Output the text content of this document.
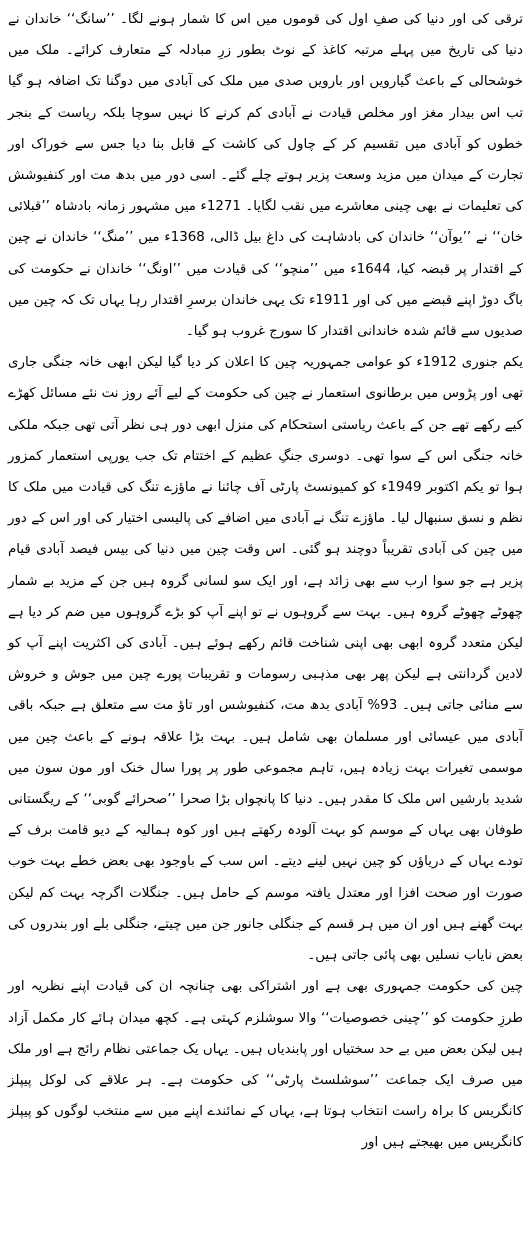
ترقی کی اور دنیا کی صفِ اول کی قوموں میں اس کا شمار ہونے لگا۔ ’’سانگ‘‘ خاندان نے دنیا کی تاریخ میں پہلے مرتبہ کاغذ کے نوٹ بطور زرِ مبادلہ کے متعارف کرائے۔ ملک میں خوشحالی کے باعث گیارویں اور بارویں صدی میں ملک کی آبادی میں دوگنا تک اضافہ ہو گیا تب اس بیدار مغز اور مخلص قیادت نے آبادی کم کرنے کا نہیں سوچا بلکہ ریاست کے بنجر خطوں کو آبادی میں تقسیم کر کے چاول کی کاشت کے قابل بنا دیا جس سے خوراک اور تجارت کے میدان میں مزید وسعت پزیر ہوتے چلے گئے۔ اسی دور میں بدھ مت اور کنفیوشش کی تعلیمات نے بھی چینی معاشرے میں نقب لگایا۔ 1271ء میں مشہور زمانہ بادشاہ ’’قبلائی خان‘‘ نے ’’یوآن‘‘ خاندان کی بادشاہت کی داغ بیل ڈالی، 1368ء میں ’’منگ‘‘ خاندان نے چین کے اقتدار پر قبضہ کیا، 1644ء میں ’’منچو‘‘ کی قیادت میں ’’اونگ‘‘ خاندان نے حکومت کی باگ دوڑ اپنے قبضے میں کی اور 1911ء تک یہی خاندان برسرِ اقتدار رہا یہاں تک کہ چین میں صدیوں سے قائم شدہ خاندانی اقتدار کا سورج غروب ہو گیا۔

یکم جنوری 1912ء کو عوامی جمہوریہ چین کا اعلان کر دیا گیا لیکن ابھی خانہ جنگی جاری تھی اور پڑوس میں برطانوی استعمار نے چین کی حکومت کے لیے آئے روز نت نئے مسائل کھڑے کیے رکھے تھے جن کے باعث ریاستی استحکام کی منزل ابھی دور ہی نظر آتی تھی جبکہ ملکی خانہ جنگی اس کے سوا تھی۔ دوسری جنگِ عظیم کے اختتام تک جب یورپی استعمار کمزور ہوا تو یکم اکتوبر 1949ء کو کمیونسٹ پارٹی آف چائنا نے ماؤزے تنگ کی قیادت میں ملک کا نظم و نسق سنبھال لیا۔ ماؤزے تنگ نے آبادی میں اضافے کی پالیسی اختیار کی اور اس کے دور میں چین کی آبادی تقریباً دوچند ہو گئی۔ اس وقت چین میں دنیا کی بیس فیصد آبادی قیام پزیر ہے جو سوا ارب سے بھی زائد ہے، اور ایک سو لسانی گروہ ہیں جن کے مزید بے شمار چھوٹے چھوٹے گروہ ہیں۔ بہت سے گروہوں نے تو اپنے آپ کو بڑے گروہوں میں ضم کر دیا ہے لیکن متعدد گروہ ابھی بھی اپنی شناخت قائم رکھے ہوئے ہیں۔ آبادی کی اکثریت اپنے آپ کو لادین گردانتی ہے لیکن پھر بھی مذہبی رسومات و تقریبات پورے چین میں جوش و خروش سے منائی جاتی ہیں۔ 93% آبادی بدھ مت، کنفیوشس اور تاؤ مت سے متعلق ہے جبکہ باقی آبادی میں عیسائی اور مسلمان بھی شامل ہیں۔ بہت بڑا علاقہ ہونے کے باعث چین میں موسمی تغیرات بہت زیادہ ہیں، تاہم مجموعی طور پر پورا سال خنک اور مون سون میں شدید بارشیں اس ملک کا مقدر ہیں۔ دنیا کا پانچواں بڑا صحرا ’’صحرائے گوبی‘‘ کے ریگستانی طوفان بھی یہاں کے موسم کو بہت آلودہ رکھتے ہیں اور کوہ ہمالیہ کے دیو قامت برف کے تودے یہاں کے دریاؤں کو چین نہیں لینے دیتے۔ اس سب کے باوجود بھی بعض خطے بہت خوب صورت اور صحت افزا اور معتدل یافتہ موسم کے حامل ہیں۔ جنگلات اگرچہ بہت کم لیکن بہت گھنے ہیں اور ان میں ہر قسم کے جنگلی جانور جن میں چیتے، جنگلی بلے اور بندروں کی بعض نایاب نسلیں بھی پائی جاتی ہیں۔

چین کی حکومت جمہوری بھی ہے اور اشتراکی بھی چنانچہ ان کی قیادت اپنے نظریہ اور طرزِ حکومت کو ’’چینی خصوصیات‘‘ والا سوشلزم کہتی ہے۔ کچھ میدان ہائے کار مکمل آزاد ہیں لیکن بعض میں بے حد سختیاں اور پابندیاں ہیں۔ یہاں یک جماعتی نظام رائج ہے اور ملک میں صرف ایک جماعت ’’سوشلسٹ پارٹی‘‘ کی حکومت ہے۔ ہر علاقے کی لوکل پیپلز کانگریس کا براہ راست انتخاب ہوتا ہے، یہاں کے نمائندے اپنے میں سے منتخب لوگوں کو پیپلز کانگریس میں بھیجتے ہیں اور
